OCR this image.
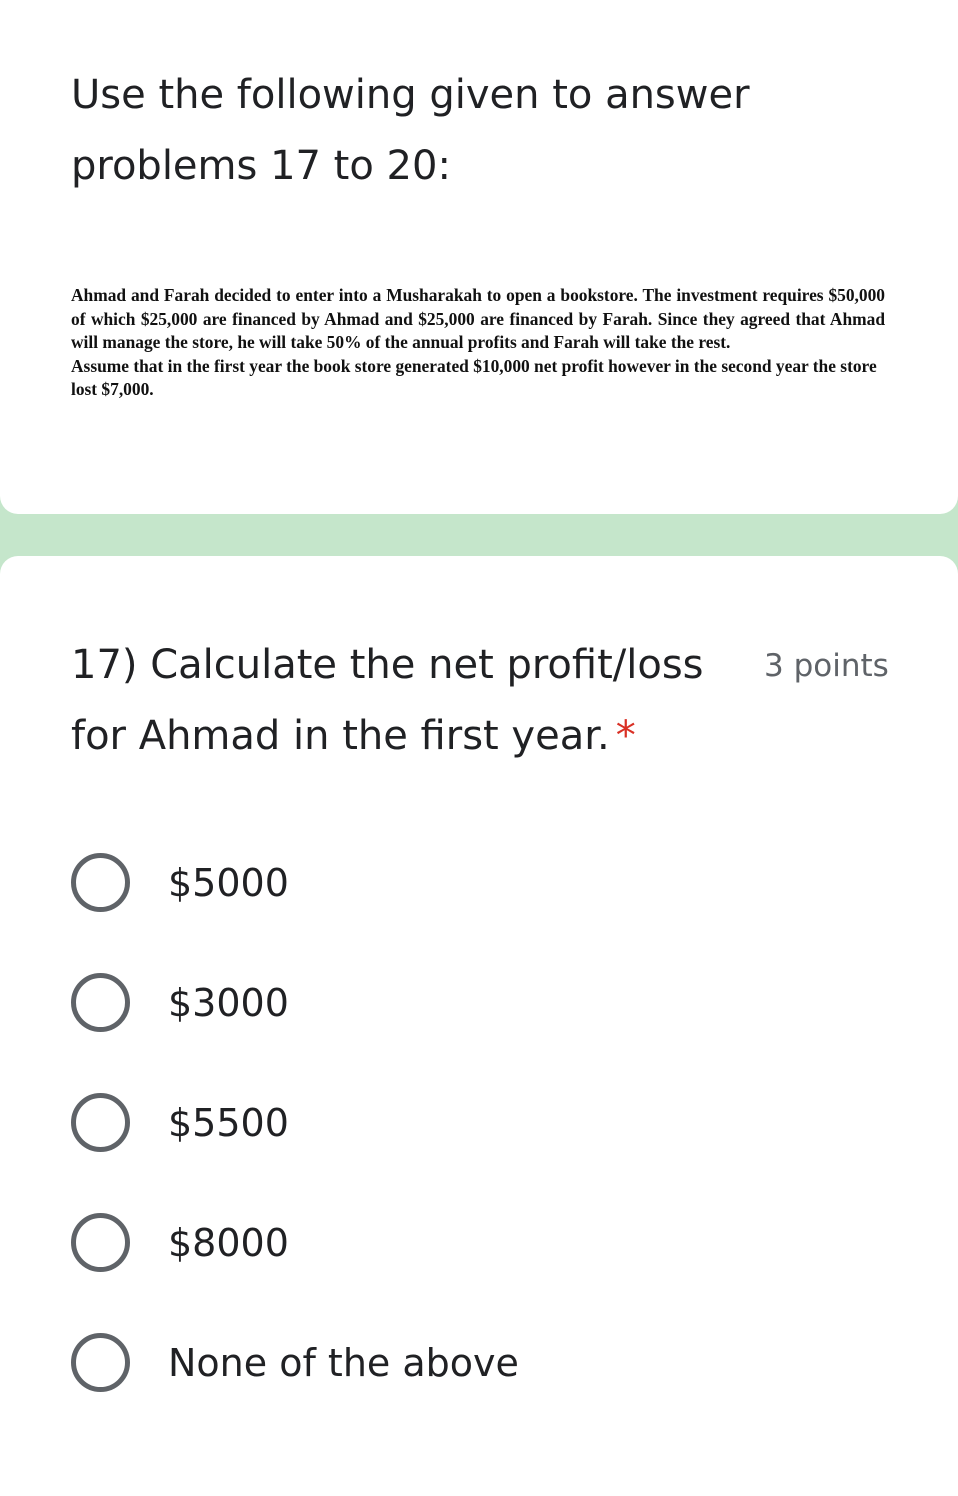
Use the following given to answer problems 17 to 20:

Ahmad and Farah decided to enter into a Musharakah to open a bookstore. The investment requires $50,000 of which $25,000 are financed by Ahmad and $25,000 are financed by Farah. Since they agreed that Ahmad will manage the store, he will take 50% of the annual profits and Farah will take the rest.

Assume that in the first year the book store generated $10,000 net profit however in the second year the store lost $7,000.

17) Calculate the net profit/loss for Ahmad in the first year. *
3 points
$5000
$3000
$5500
$8000
None of the above
